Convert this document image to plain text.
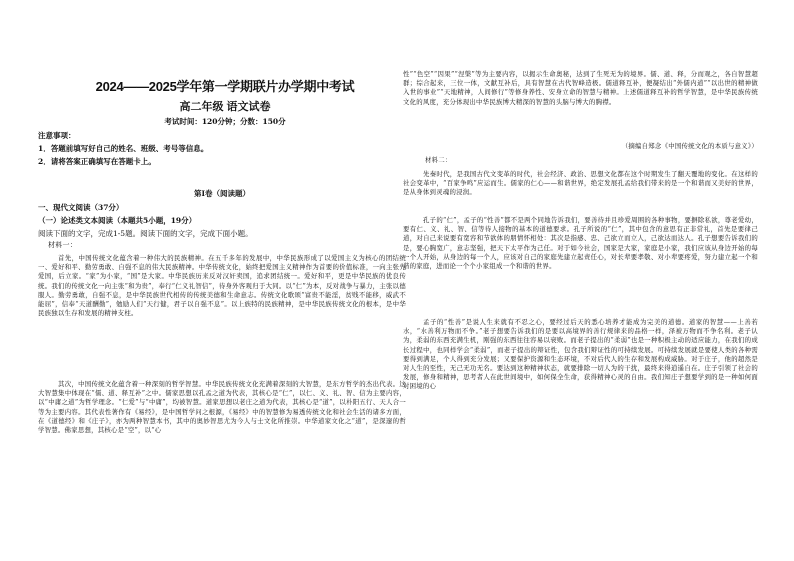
2024——2025学年第一学期联片办学期中考试
高二年级 语文试卷
考试时间：120分钟；分数：150分
注意事项：
1．答题前填写好自己的姓名、班级、考号等信息。
2．请将答案正确填写在答题卡上。
第Ⅰ卷（阅读题）
一、现代文阅读（37分）
（一）论述类文本阅读（本题共5小题，19分）
阅读下面的文字，完成1-5题。阅读下面的文字，完成下面小题。
材料一：
首先，中国传统文化蕴含着一种伟大的民族精神。在五千多年的发展中，中华民族形成了以爱国主义为核心的团结统一、爱好和平、勤劳勇敢、自强不息的伟大民族精神。中华传统文化，始终把爱国主义精神作为首要的价值标准，一向主张先爱国，后立家。“家”为小家，“国”是大家。中华民族历来反对汉奸卖国，追求团结统一。爱好和平，更是中华民族的优良传统。我们的传统文化一向主张“和为贵”，奉行“仁义礼智信”，待身外客观归于大同。以“仁”为本，反对战争与暴力，主张以德服人。勤劳勇敢，自强不息，是中华民族世代相传的传统美德和生命意志。传统文化歌颂“富贵不能淫，贫贱不能移，威武不能屈”，信奉“天道酬勤”，勉励人们“天行健，君子以自强不息”。以上族特的民族精神，是中华民族传统文化的根本，是中华民族独以生存和发展的精神支柱。
其次，中国传统文化蕴含着一种深刻的哲学智慧。中华民族传统文化充满着深刻的大智慧，是东方哲学的杰出代表。这大智慧集中体现在“儒、道、释互补”之中。儒家思想以孔孟之道为代表，其核心是“仁”，以仁、义、礼、智、信为主要内容，以“中庸之道”为哲学理念。“仁爱”与“中庸”，均被智慧。道家思想以老庄之道为代表，其核心是“道”，以朴阳五行、天人合一等为主要内容。其代表性著作有《易经》，是中国哲学问之根源，《易经》中的智慧修为易透传统文化和社会生活的诸多方面，在《道德经》和《庄子》，亦为两种智慧本书，其中的奥妙智思尤为今人与士文化所推崇。中华道家文化之“道”，是深邃的哲学智慧。佛家思想，其核心是“空”，以“心
性”“色空”“因果”“涅槃”等为主要内容，以揭示生命奥秘，达到了生死无为的境界。儒、道、释，分而观之，各自智慧超群；综合起来，三位一体，文献互补后，具有智慧在古代智峰造极。儒道释互补，便凝结出“外儒内道”“以出世的精神做入世的事业”“天地精神，人间修行”等修身养性、安身立命的智慧与精神。上述儒道释互补的哲学智慧，是中华民族传统文化的风度，充分体现出中华民族博大精深的智慧的头脑与博大的胸襟。
（摘编自郑念《中国传统文化的本质与意义》）
材料二：
先秦时代，是我国古代文变革的时代，社会经济、政治、思想文化都在这个时期发生了翻天覆地的变化。在这样的社会变革中，“百家争鸣”应运而生。儒家的仁心——和谐世界，绝定发展孔孟给我们带来的是一个和谐而又美好的世界，是从身体到灵魂的浸润。
孔子的“仁”，孟子的“性善”都不是两个同地告诉我们，要善待并且珍爱周围的各种事物，要摒除私欲，尊老爱幼，要有仁、义、礼、智、信等待人接物的基本的道德要求。孔子所说的“仁”，其中包含的意思有正非常礼，首先是要律己道，对自己来说要有宽容和节欲体的朋情怀相处：其次是指感、忠、己欲立而立人，己欲达而达人。孔子想要告诉我们的是，要心胸宽广，意志坚强，把天下太平作为己任。对于如今社会，国家是大家，家庭是小家，我们应该从身边开始的每一个人开始，从身边的每一个人，应该对自己的家庭先建立起责任心，对长辈要孝敬、对小辈要疼爱，努力建立起一个和谐的家庭，进而论一个个小家组成一个和谐的世界。
孟子的“性善”是说人生来就有不忍之心，要经过后天的悉心培养才能成为完美的道德。道家的智慧——上善若水，“水善利万物而不争。”老子想要告诉我们的是要以高境界的善行规律来的品格一样，泽被万物而不争名利。老子认为，柔弱的东西充满生机，刚强的东西往往容易以衰败。而老子提出的“柔弱”也是一种积极主动的适应能力，在我们的成长过程中，也同样学会“柔弱”，而老子提出的辩证性，包含我们辩证性的可持续发展。可持续发展就是要使人类的各种需要得到满足，个人得到充分发展；又要保护资源和生态环境，不对后代人的生存和发展构成威胁。对于庄子，他的超然是对人生的至性，无己无功无名。要达到这种精神状态，就要排除一切人为的干扰，最终来得逍遥自在。庄子引领了社会的发展，修身和精神，思考者人在此世间境中，如何保全生命，获得精神心灵的自由。我们知庄子想要学到的是一种如何面对困境的心
